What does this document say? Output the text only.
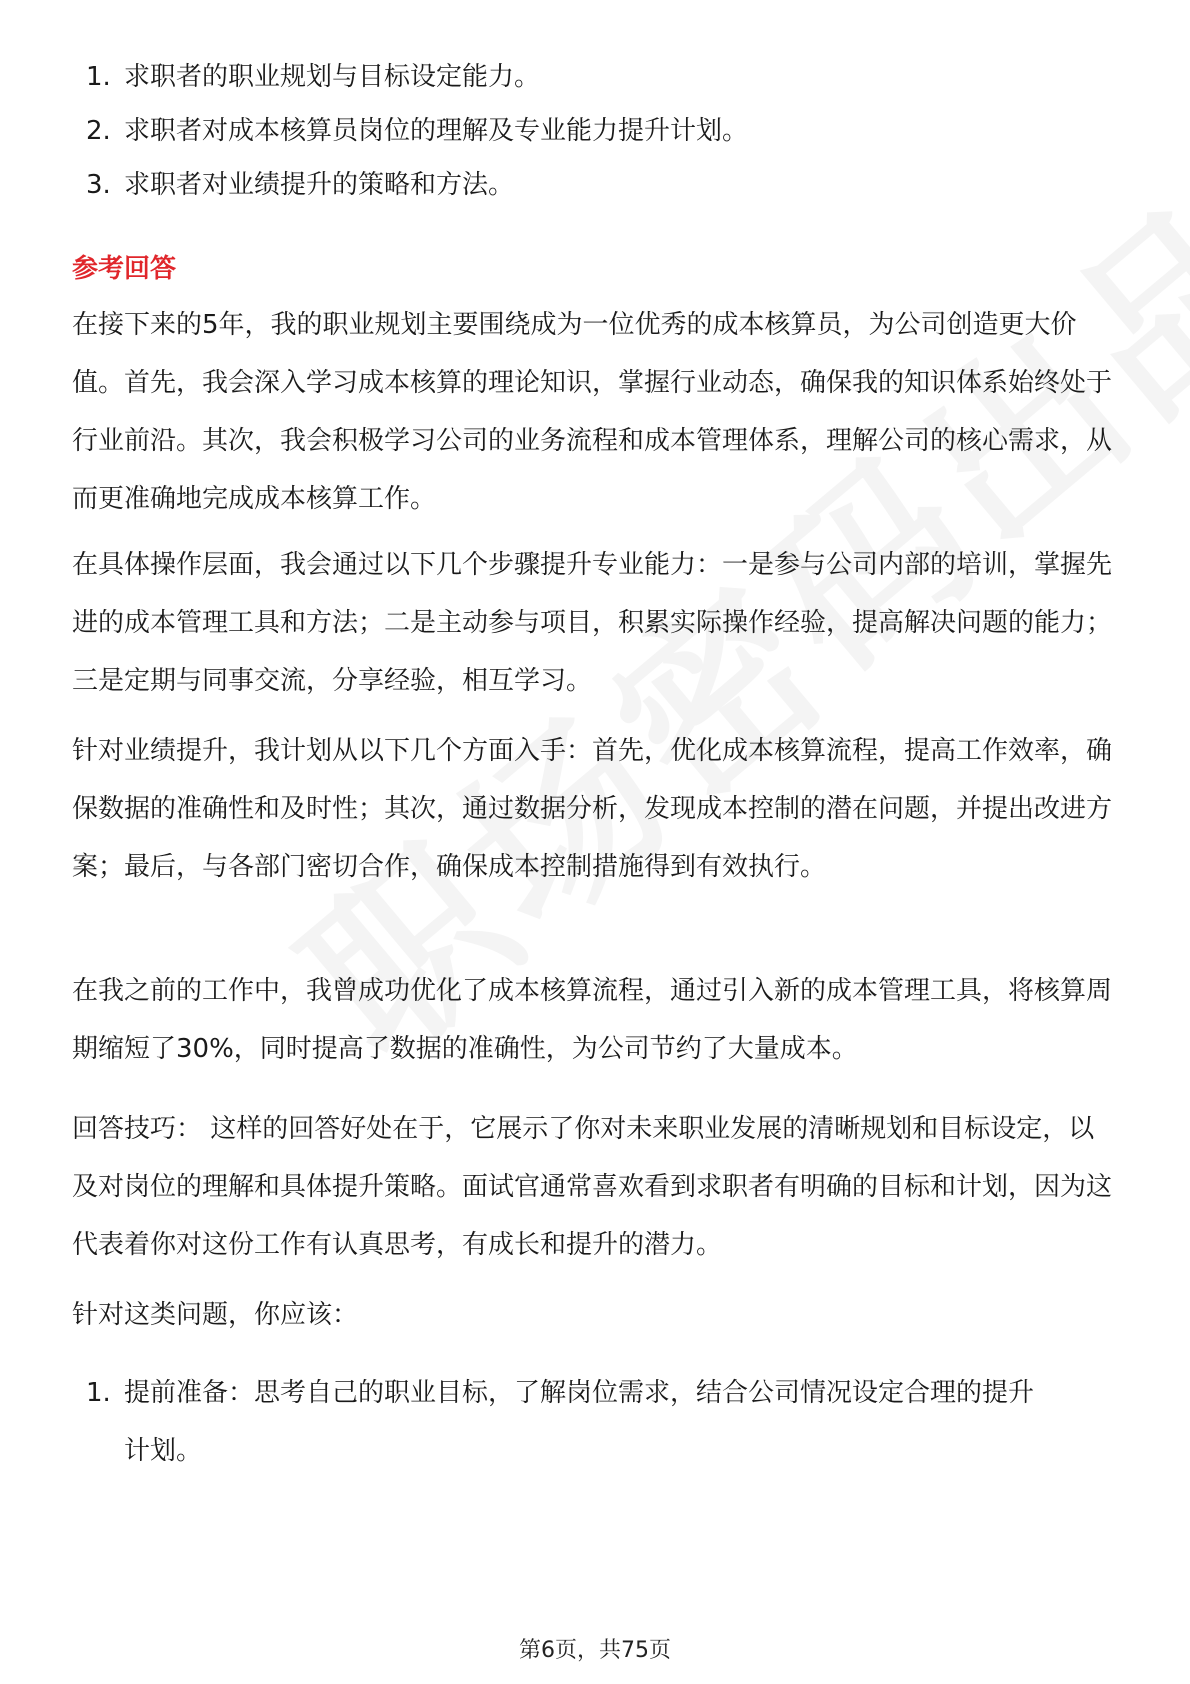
1. 求职者的职业规划与目标设定能力。
2. 求职者对成本核算员岗位的理解及专业能力提升计划。
3. 求职者对业绩提升的策略和方法。
参考回答

在接下来的5年，我的职业规划主要围绕成为一位优秀的成本核算员，为公司创造更大价值。首先，我会深入学习成本核算的理论知识，掌握行业动态，确保我的知识体系始终处于行业前沿。其次，我会积极学习公司的业务流程和成本管理体系，理解公司的核心需求，从而更准确地完成成本核算工作。

在具体操作层面，我会通过以下几个步骤提升专业能力：一是参与公司内部的培训，掌握先进的成本管理工具和方法；二是主动参与项目，积累实际操作经验，提高解决问题的能力；三是定期与同事交流，分享经验，相互学习。

针对业绩提升，我计划从以下几个方面入手：首先，优化成本核算流程，提高工作效率，确保数据的准确性和及时性；其次，通过数据分析，发现成本控制的潜在问题，并提出改进方案；最后，与各部门密切合作，确保成本控制措施得到有效执行。

在我之前的工作中，我曾成功优化了成本核算流程，通过引入新的成本管理工具，将核算周期缩短了30%，同时提高了数据的准确性，为公司节约了大量成本。

回答技巧： 这样的回答好处在于，它展示了你对未来职业发展的清晰规划和目标设定，以及对岗位的理解和具体提升策略。面试官通常喜欢看到求职者有明确的目标和计划，因为这代表着你对这份工作有认真思考，有成长和提升的潜力。

针对这类问题，你应该：

1. 提前准备：思考自己的职业目标，了解岗位需求，结合公司情况设定合理的提升计划。
第6页，共75页
